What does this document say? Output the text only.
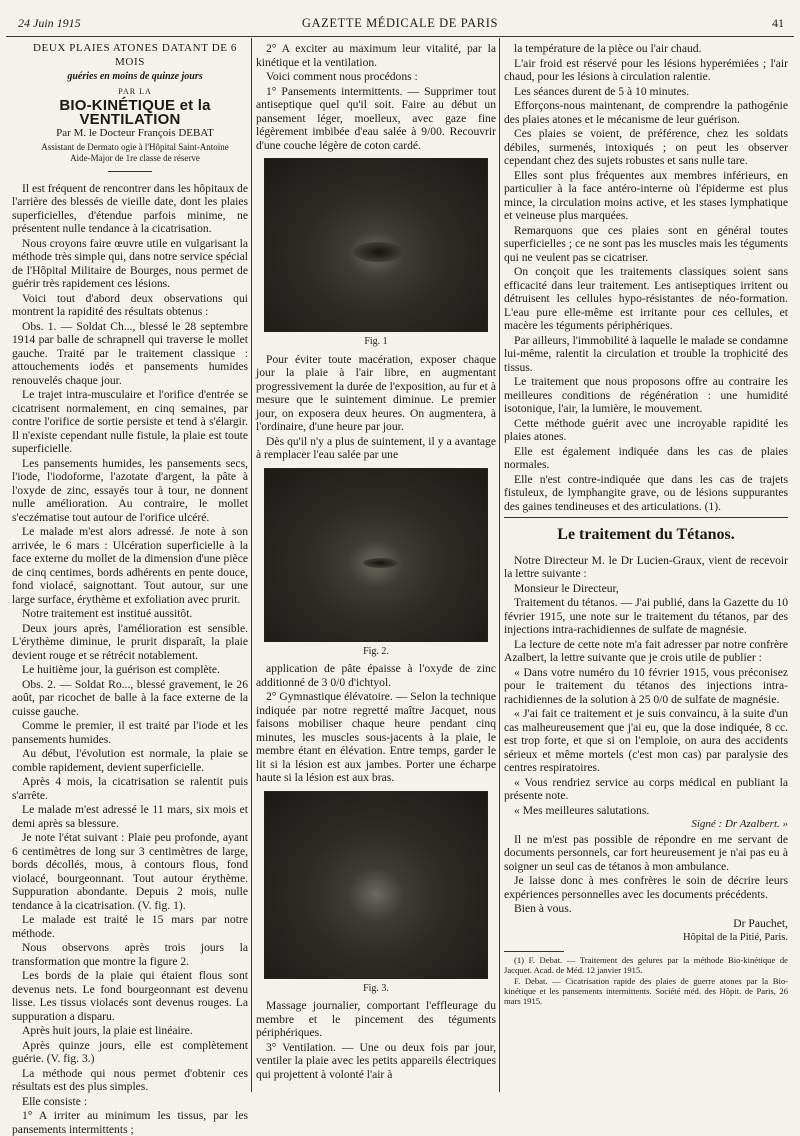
24 Juin 1915	GAZETTE MÉDICALE DE PARIS	41

DEUX PLAIES ATONES DATANT DE 6 MOIS

guéries en moins de quinze jours

PAR LA

BIO-KINÉTIQUE et la VENTILATION

Par M. le Docteur François DEBAT

Assistant de Dermato ogie à l'Hôpital Saint-Antoine

Aide-Major de 1re classe de réserve

Il est fréquent de rencontrer dans les hôpitaux de l'arrière des blessés de vieille date, dont les plaies superficielles, d'étendue parfois minime, ne présentent nulle tendance à la cicatrisation.

Nous croyons faire œuvre utile en vulgarisant la méthode très simple qui, dans notre service spécial de l'Hôpital Militaire de Bourges, nous permet de guérir très rapidement ces lésions.

Voici tout d'abord deux observations qui montrent la rapidité des résultats obtenus :

Obs. 1. — Soldat Ch..., blessé le 28 septembre 1914 par balle de schrapnell qui traverse le mollet gauche. Traité par le traitement classique : attouchements iodés et pansements humides renouvelés chaque jour.

Le trajet intra-musculaire et l'orifice d'entrée se cicatrisent normalement, en cinq semaines, par contre l'orifice de sortie persiste et tend à s'élargir. Il n'existe cependant nulle fistule, la plaie est toute superficielle.

Les pansements humides, les pansements secs, l'iode, l'iodoforme, l'azotate d'argent, la pâte à l'oxyde de zinc, essayés tour à tour, ne donnent nulle amélioration. Au contraire, le mollet s'eczématise tout autour de l'orifice ulcéré.

Le malade m'est alors adressé. Je note à son arrivée, le 6 mars : Ulcération superficielle à la face externe du mollet de la dimension d'une pièce de cinq centimes, bords adhérents en pente douce, fond violacé, saignottant. Tout autour, sur une large surface, érythème et exfoliation avec prurit.

Notre traitement est institué aussitôt.

Deux jours après, l'amélioration est sensible. L'érythème diminue, le prurit disparaît, la plaie devient rouge et se rétrécit notablement.

Le huitième jour, la guérison est complète.

Obs. 2. — Soldat Ro..., blessé gravement, le 26 août, par ricochet de balle à la face externe de la cuisse gauche.

Comme le premier, il est traité par l'iode et les pansements humides.

Au début, l'évolution est normale, la plaie se comble rapidement, devient superficielle.

Après 4 mois, la cicatrisation se ralentit puis s'arrête.

Le malade m'est adressé le 11 mars, six mois et demi après sa blessure.

Je note l'état suivant : Plaie peu profonde, ayant 6 centimètres de long sur 3 centimètres de large, bords décollés, mous, à contours flous, fond violacé, bourgeonnant. Tout autour érythème. Suppuration abondante. Depuis 2 mois, nulle tendance à la cicatrisation. (V. fig. 1).

Le malade est traité le 15 mars par notre méthode.

Nous observons après trois jours la transformation que montre la figure 2.

Les bords de la plaie qui étaient flous sont devenus nets. Le fond bourgeonnant est devenu lisse. Les tissus violacés sont devenus rouges. La suppuration a disparu.

Après huit jours, la plaie est linéaire.

Après quinze jours, elle est complètement guérie. (V. fig. 3.)

La méthode qui nous permet d'obtenir ces résultats est des plus simples.

Elle consiste :

1° A irriter au minimum les tissus, par les pansements intermittents ;

2° A exciter au maximum leur vitalité, par la kinétique et la ventilation.

Voici comment nous procédons :

1° Pansements intermittents. — Supprimer tout antiseptique quel qu'il soit. Faire au début un pansement léger, moelleux, avec gaze fine légèrement imbibée d'eau salée à 9/00. Recouvrir d'une couche légère de coton cardé.

Fig. 1

Pour éviter toute macération, exposer chaque jour la plaie à l'air libre, en augmentant progressivement la durée de l'exposition, au fur et à mesure que le suintement diminue. Le premier jour, on exposera deux heures. On augmentera, à l'ordinaire, d'une heure par jour.

Dès qu'il n'y a plus de suintement, il y a avantage à remplacer l'eau salée par une

Fig. 2.

application de pâte épaisse à l'oxyde de zinc additionné de 3 0/0 d'ichtyol.

2° Gymnastique élévatoire. — Selon la technique indiquée par notre regretté maître Jacquet, nous faisons mobiliser chaque heure pendant cinq minutes, les muscles sous-jacents à la plaie, le membre étant en élévation. Entre temps, garder le lit si la lésion est aux jambes. Porter une écharpe haute si la lésion est aux bras.

Fig. 3.

Massage journalier, comportant l'effleurage du membre et le pincement des téguments périphériques.

3° Ventilation. — Une ou deux fois par jour, ventiler la plaie avec les petits appareils électriques qui projettent à volonté l'air à

la température de la pièce ou l'air chaud.

L'air froid est réservé pour les lésions hyperémiées ; l'air chaud, pour les lésions à circulation ralentie.

Les séances durent de 5 à 10 minutes.

Efforçons-nous maintenant, de comprendre la pathogénie des plaies atones et le mécanisme de leur guérison.

Ces plaies se voient, de préférence, chez les soldats débiles, surmenés, intoxiqués ; on peut les observer cependant chez des sujets robustes et sans nulle tare.

Elles sont plus fréquentes aux membres inférieurs, en particulier à la face antéro-interne où l'épiderme est plus mince, la circulation moins active, et les stases lymphatique et veineuse plus marquées.

Remarquons que ces plaies sont en général toutes superficielles ; ce ne sont pas les muscles mais les téguments qui ne veulent pas se cicatriser.

On conçoit que les traitements classiques soient sans efficacité dans leur traitement. Les antiseptiques irritent ou détruisent les cellules hypo-résistantes de néo-formation. L'eau pure elle-même est irritante pour ces cellules, et macère les téguments périphériques.

Par ailleurs, l'immobilité à laquelle le malade se condamne lui-même, ralentit la circulation et trouble la trophicité des tissus.

Le traitement que nous proposons offre au contraire les meilleures conditions de régénération : une humidité isotonique, l'air, la lumière, le mouvement.

Cette méthode guérit avec une incroyable rapidité les plaies atones.

Elle est également indiquée dans les cas de plaies normales.

Elle n'est contre-indiquée que dans les cas de trajets fistuleux, de lymphangite grave, ou de lésions suppurantes des gaines tendineuses et des articulations. (1).

Le traitement du Tétanos.

Notre Directeur M. le Dr Lucien-Graux, vient de recevoir la lettre suivante :

Monsieur le Directeur,

Traitement du tétanos. — J'ai publié, dans la Gazette du 10 février 1915, une note sur le traitement du tétanos, par des injections intra-rachidiennes de sulfate de magnésie.

La lecture de cette note m'a fait adresser par notre confrère Azalbert, la lettre suivante que je crois utile de publier :

« Dans votre numéro du 10 février 1915, vous préconisez pour le traitement du tétanos des injections intra-rachidiennes de la solution à 25 0/0 de sulfate de magnésie.

« J'ai fait ce traitement et je suis convaincu, à la suite d'un cas malheureusement que j'ai eu, que la dose indiquée, 8 cc. est trop forte, et que si on l'emploie, on aura des accidents sérieux et même mortels (c'est mon cas) par paralysie des centres respiratoires.

« Vous rendriez service au corps médical en publiant la présente note.

« Mes meilleures salutations.

Signé : Dr Azalbert. »

Il ne m'est pas possible de répondre en me servant de documents personnels, car fort heureusement je n'ai pas eu à soigner un seul cas de tétanos à mon ambulance.

Je laisse donc à mes confrères le soin de décrire leurs expériences personnelles avec les documents précédents.

Bien à vous.

Dr Pauchet,

Hôpital de la Pitié, Paris.

(1) F. Debat. — Traitement des gelures par la méthode Bio-kinétique de Jacquet. Acad. de Méd. 12 janvier 1915.

F. Debat. — Cicatrisation rapide des plaies de guerre atones par la Bio-kinétique et les pansements intermittents. Société méd. des Hôpit. de Paris, 26 mars 1915.
